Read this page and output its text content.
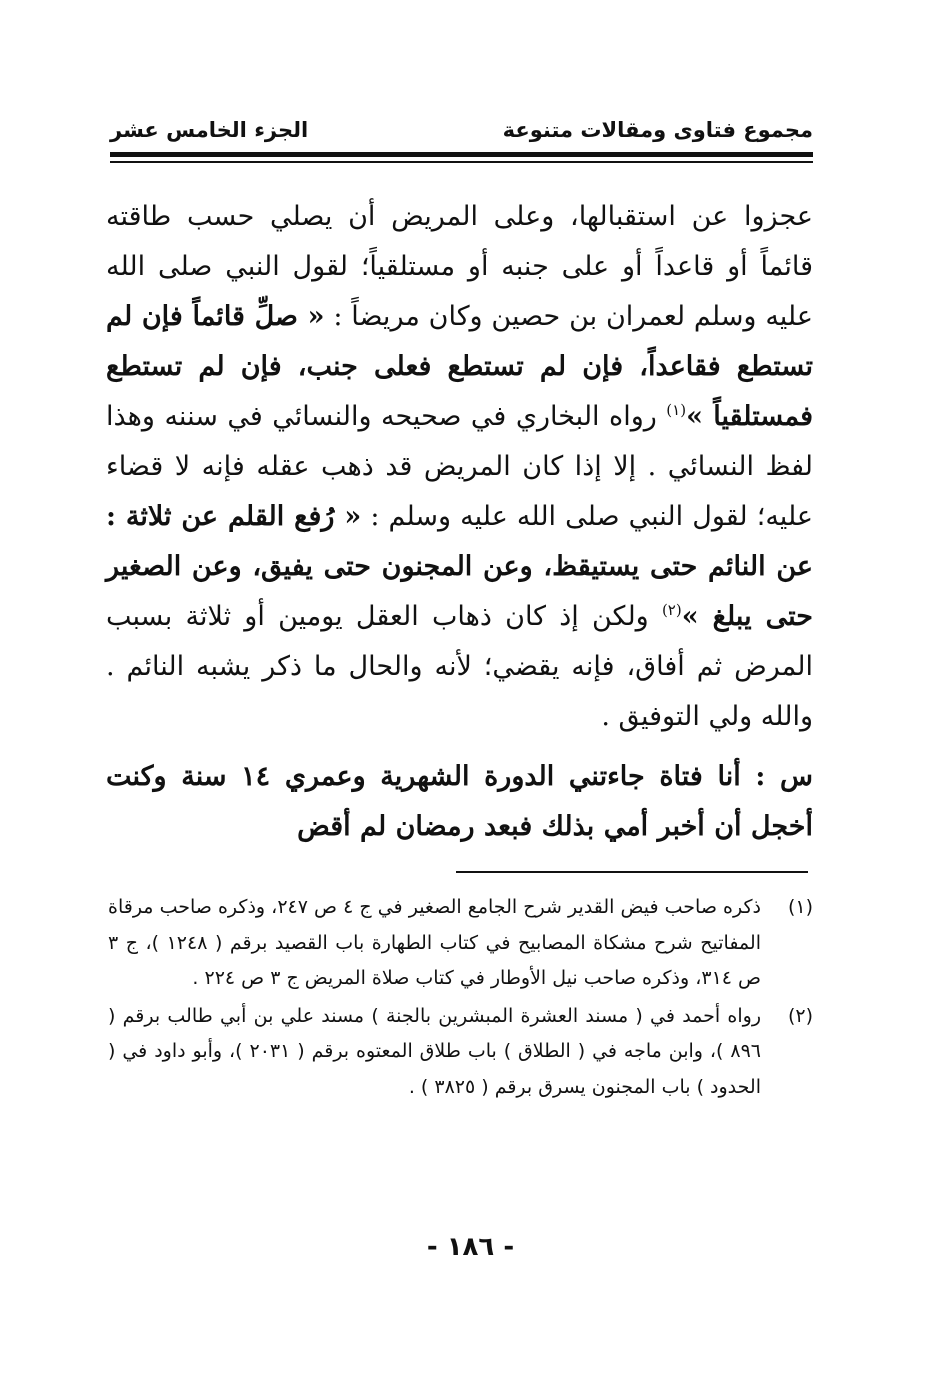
مجموع فتاوى ومقالات متنوعة
الجزء الخامس عشر
عجزوا عن استقبالها، وعلى المريض أن يصلي حسب طاقته قائماً أو قاعداً أو على جنبه أو مستلقياً؛ لقول النبي صلى الله عليه وسلم لعمران بن حصين وكان مريضاً : « صلِّ قائماً فإن لم تستطع فقاعداً، فإن لم تستطع فعلى جنب، فإن لم تستطع فمستلقياً »$^{(١)}$ رواه البخاري في صحيحه والنسائي في سننه وهذا لفظ النسائي . إلا إذا كان المريض قد ذهب عقله فإنه لا قضاء عليه؛ لقول النبي صلى الله عليه وسلم : « رُفع القلم عن ثلاثة : عن النائم حتى يستيقظ، وعن المجنون حتى يفيق، وعن الصغير حتى يبلغ »$^{(٢)}$ ولكن إذ كان ذهاب العقل يومين أو ثلاثة بسبب المرض ثم أفاق، فإنه يقضي؛ لأنه والحال ما ذكر يشبه النائم . والله ولي التوفيق .
س : أنا فتاة جاءتني الدورة الشهرية وعمري ١٤ سنة وكنت أخجل أن أخبر أمي بذلك فبعد رمضان لم أقض
(١)
ذكره صاحب فيض القدير شرح الجامع الصغير في ج ٤ ص ٢٤٧، وذكره صاحب مرقاة المفاتيح شرح مشكاة المصابيح في كتاب الطهارة باب القصيد برقم ( ١٢٤٨ )، ج ٣ ص ٣١٤، وذكره صاحب نيل الأوطار في كتاب صلاة المريض ج ٣ ص ٢٢٤ .
(٢)
رواه أحمد في ( مسند العشرة المبشرين بالجنة ) مسند علي بن أبي طالب برقم ( ٨٩٦ )، وابن ماجه في ( الطلاق ) باب طلاق المعتوه برقم ( ٢٠٣١ )، وأبو داود في ( الحدود ) باب المجنون يسرق برقم ( ٣٨٢٥ ) .
- ١٨٦ -
